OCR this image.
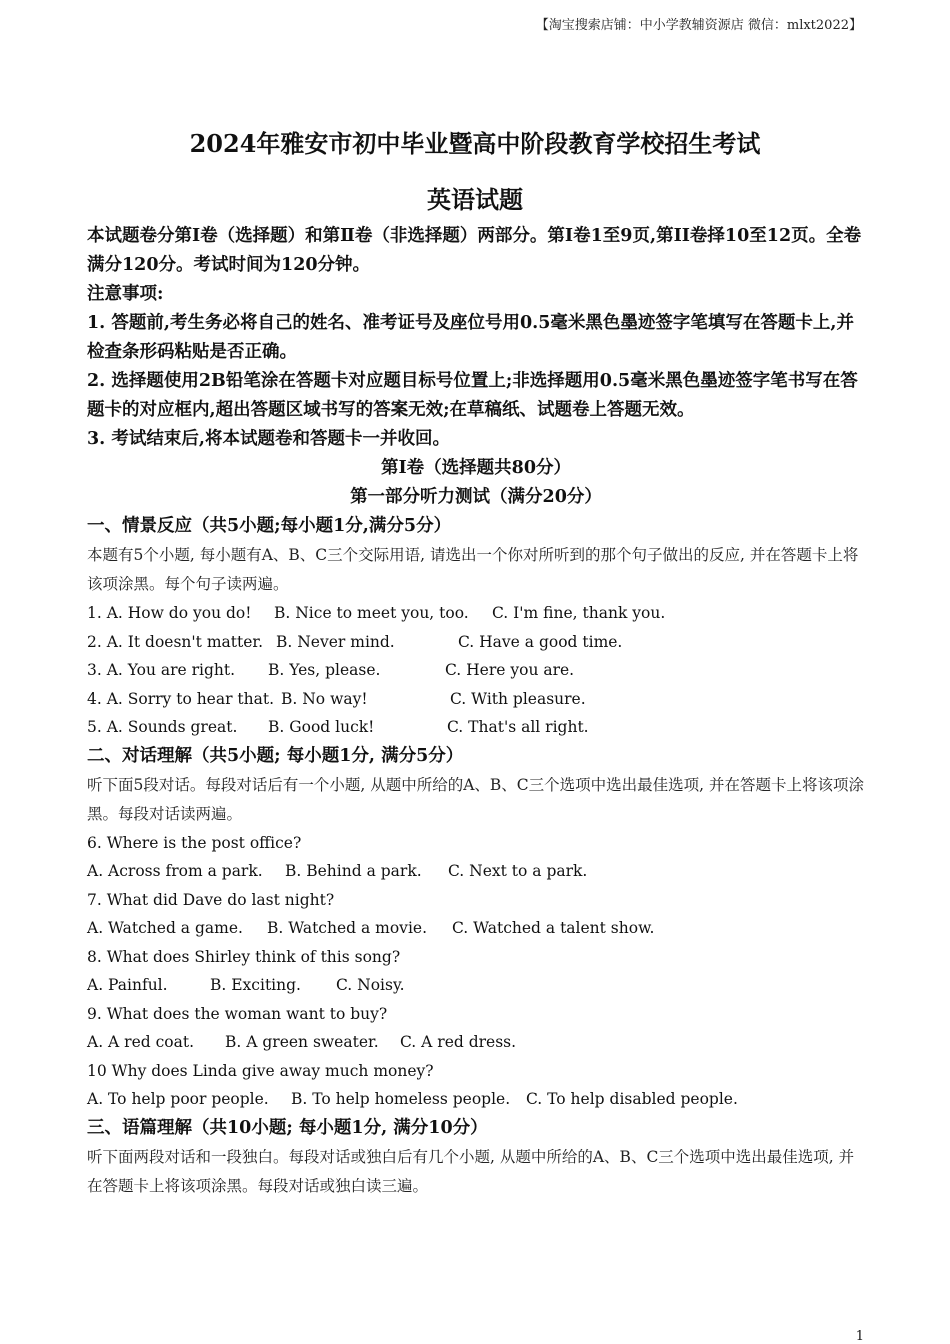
【淘宝搜索店铺：中小学教辅资源店 微信：mlxt2022】
2024年雅安市初中毕业暨高中阶段教育学校招生考试
英语试题
本试题卷分第Ⅰ卷（选择题）和第Ⅱ卷（非选择题）两部分。第Ⅰ卷1至9页,第II卷择10至12页。全卷满分120分。考试时间为120分钟。
注意事项:
1. 答题前,考生务必将自己的姓名、准考证号及座位号用0.5毫米黑色墨迹签字笔填写在答题卡上,并检查条形码粘贴是否正确。
2. 选择题使用2B铅笔涂在答题卡对应题目标号位置上;非选择题用0.5毫米黑色墨迹签字笔书写在答题卡的对应框内,超出答题区域书写的答案无效;在草稿纸、试题卷上答题无效。
3. 考试结束后,将本试题卷和答题卡一并收回。
第I卷（选择题共80分）
第一部分听力测试（满分20分）
一、情景反应（共5小题;每小题1分,满分5分）
本题有5个小题, 每小题有A、B、C三个交际用语, 请选出一个你对所听到的那个句子做出的反应, 并在答题卡上将该项涂黑。每个句子读两遍。
1. A. How do you do! B. Nice to meet you, too. C. I'm fine, thank you.
2. A. It doesn't matter. B. Never mind.	C. Have a good time.
3. A. You are right. B. Yes, please.	C. Here you are.
4. A. Sorry to hear that. B. No way!	C. With pleasure.
5. A. Sounds great. B. Good luck!	C. That's all right.
二、对话理解（共5小题; 每小题1分, 满分5分）
听下面5段对话。每段对话后有一个小题, 从题中所给的A、B、C三个选项中选出最佳选项, 并在答题卡上将该项涂黑。每段对话读两遍。
6. Where is the post office?
A. Across from a park. B. Behind a park. C. Next to a park.
7. What did Dave do last night?
A. Watched a game. B. Watched a movie. C. Watched a talent show.
8. What does Shirley think of this song?
A. Painful.	B. Exciting. C. Noisy.
9. What does the woman want to buy?
A. A red coat. B. A green sweater. C. A red dress.
10 Why does Linda give away much money?
A. To help poor people. B. To help homeless people. C. To help disabled people.
三、语篇理解（共10小题; 每小题1分, 满分10分）
听下面两段对话和一段独白。每段对话或独白后有几个小题, 从题中所给的A、B、C三个选项中选出最佳选项, 并在答题卡上将该项涂黑。每段对话或独白读三遍。
1
